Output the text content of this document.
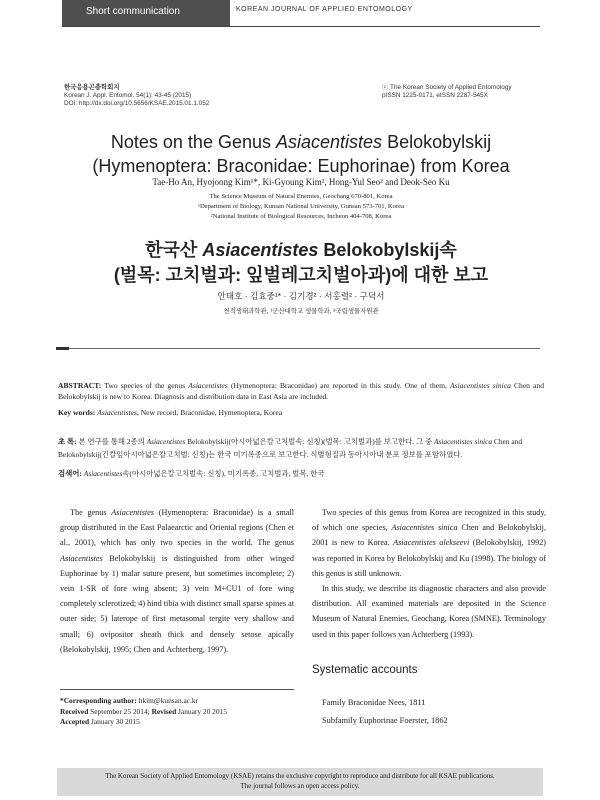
Short communication	KOREAN JOURNAL OF APPLIED ENTOMOLOGY
한국응용곤충학회지
Korean J. Appl. Entomol. 54(1): 43-45 (2015)
DOI: http://dx.doi.org/10.5656/KSAE.2015.01.1.052
ⓒ The Korean Society of Applied Entomology
pISSN 1225-0171, eISSN 2287-545X
Notes on the Genus Asiacentistes Belokobylskij
(Hymenoptera: Braconidae: Euphorinae) from Korea
Tae-Ho An, Hyojoong Kim¹*, Ki-Gyoung Kim², Hong-Yul Seo² and Deok-Seo Ku
The Science Museum of Natural Enemies, Geochang 670-801, Korea
¹Department of Biology, Kunsan National University, Gunsan 573-701, Korea
²National Institute of Biological Resources, Incheon 404-708, Korea
한국산 Asiacentistes Belokobylskij속
(벌목: 고치벌과: 잎벌레고치벌아과)에 대한 보고
안태호 · 김효중¹* · 김기경² · 서홍렬² · 구덕서
천적생태과학관, ¹군산대학교 생물학과, ²국립생물자원관
ABSTRACT: Two species of the genus Asiacentistes (Hymenoptera: Braconidae) are reported in this study. One of them, Asiacentistes sinica Chen and Belokobylskij is new to Korea. Diagnosis and distribution data in East Asia are included.
Key words: Asiacentistes, New record, Braconidae, Hymenoptera, Korea
초 록: 본 연구를 통해 2종의 Asiacentistes Belokobylskij(아시아넓은칼고치벌속: 신칭)(벌목: 고치벌과)를 보고한다. 그 중 Asiacentistes sinica Chen and Belokobylskij(긴칼잎아시아넓은칼고치벌: 신칭)는 한국 미기록종으로 보고한다. 식별형질과 동아시아내 분포 정보를 포함하였다.
검색어: Asiacentistes속(아시아넓은칼고치벌속: 신칭), 미기록종, 고치벌과, 벌목, 한국

The genus Asiacentistes (Hymenoptera: Braconidae) is a small group distributed in the East Palaearctic and Oriental regions (Chen et al., 2001), which has only two species in the world. The genus Asiacentistes Belokobylskij is distinguished from other winged Euphorinae by 1) malar suture present, but sometimes incomplete; 2) vein 1-SR of fore wing absent; 3) vein M+CU1 of fore wing completely sclerotized; 4) hind tibia with distinct small sparse spines at outer side; 5) laterope of first metasomal tergite very shallow and small; 6) ovipositor sheath thick and densely setose apically (Belokobylskij, 1995; Chen and Achterberg, 1997).

*Corresponding author: hkim@kunsan.ac.kr
Received September 25 2014; Revised January 20 2015
Accepted January 30 2015

Two species of this genus from Korea are recognized in this study, of which one species, Asiacentistes sinica Chen and Belokobylskij, 2001 is new to Korea. Asiacentistes alekseevi (Belokobylskij, 1992) was reported in Korea by Belokobylskij and Ku (1998). The biology of this genus is still unknown.

In this study, we describe its diagnostic characters and also provide distribution. All examined materials are deposited in the Science Museum of Natural Enemies, Geochang, Korea (SMNE). Terminology used in this paper follows van Achterberg (1993).

Systematic accounts
Family Braconidae Nees, 1811
Subfamily Euphorinae Foerster, 1862
The Korean Society of Applied Entomology (KSAE) retains the exclusive copyright to reproduce and distribute for all KSAE publications.
The journal follows an open access policy.
